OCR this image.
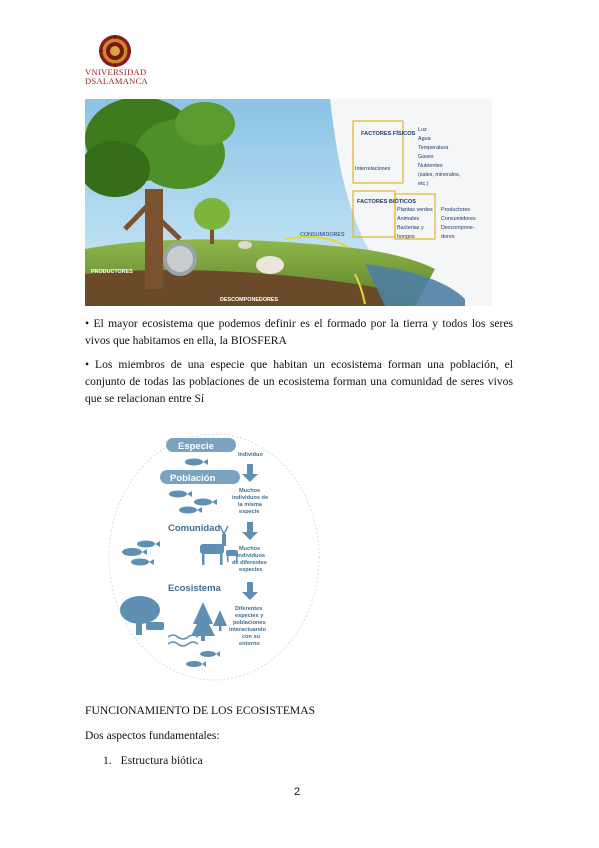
VNIVERSIDAD
DSALAMANCA
FACTORES FÍSICOS
Interrelaciones
FACTORES BIÓTICOS
Luz
Agua
Temperatura
Gases
Nutrientes
(sales, minerales,
etc.)
Plantas verdes
Animales
Bacterias y
hongos
Productores
Consumidores
Descompone-
dores
PRODUCTORES
CONSUMIDORES
DESCOMPONEDORES
• El mayor ecosistema que podemos definir es el formado por la tierra y todos los seres vivos que habitamos en ella, la BIOSFERA
• Los miembros de una especie que habitan un ecosistema forman una población, el conjunto de todas las poblaciones de un ecosistema forman una comunidad de seres vivos que se relacionan entre Sí
Especie
Población
Comunidad
Ecosistema
Individuo
Muchos
individuos de
la misma
especie
Muchos
individuos
de diferentes
especies
Diferentes
especies y
poblaciones
interactuando
con su
entorno
FUNCIONAMIENTO DE LOS ECOSISTEMAS
Dos aspectos fundamentales:
1. Estructura biótica
2
